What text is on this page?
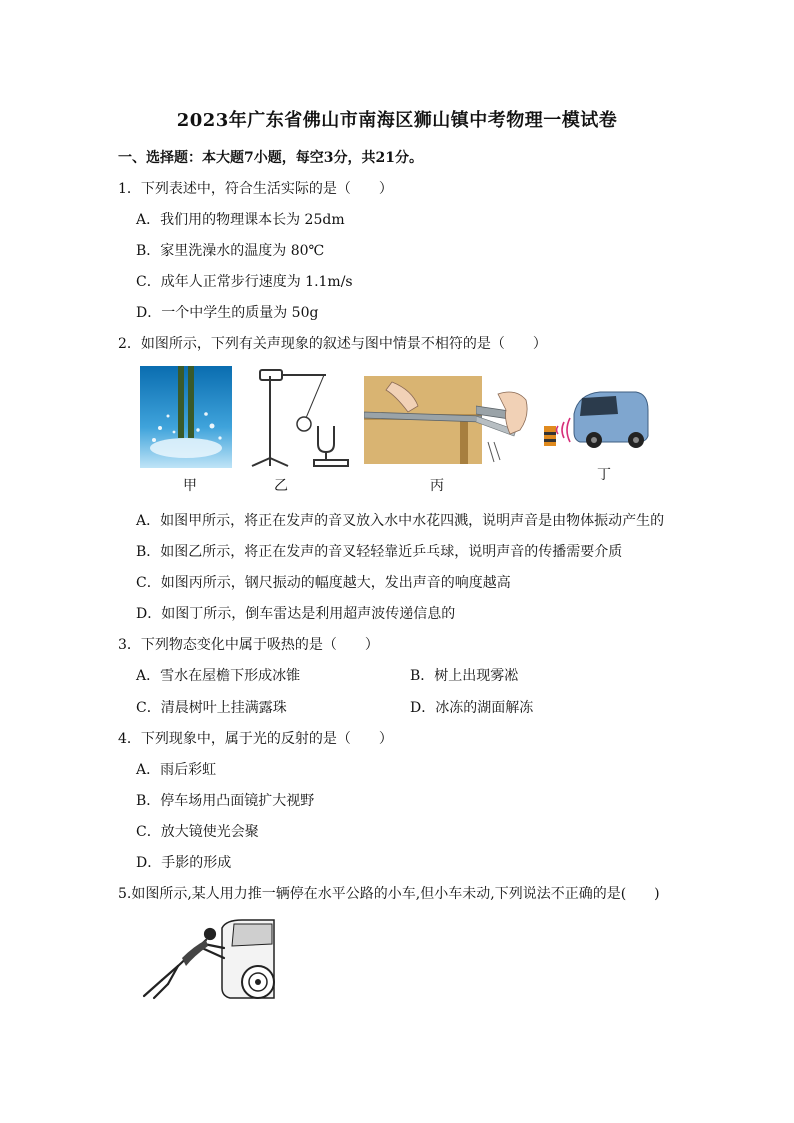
2023年广东省佛山市南海区狮山镇中考物理一模试卷
一、选择题：本大题7小题，每空3分，共21分。
1．下列表述中，符合生活实际的是（　　）
A．我们用的物理课本长为 25dm
B．家里洗澡水的温度为 80℃
C．成年人正常步行速度为 1.1m/s
D．一个中学生的质量为 50g
2．如图所示，下列有关声现象的叙述与图中情景不相符的是（　　）
甲	乙	丙
丁
A．如图甲所示，将正在发声的音叉放入水中水花四溅，说明声音是由物体振动产生的
B．如图乙所示，将正在发声的音叉轻轻靠近乒乓球，说明声音的传播需要介质
C．如图丙所示，钢尺振动的幅度越大，发出声音的响度越高
D．如图丁所示，倒车雷达是利用超声波传递信息的
3．下列物态变化中属于吸热的是（　　）
A．雪水在屋檐下形成冰锥	B．树上出现雾凇
C．清晨树叶上挂满露珠	D．冰冻的湖面解冻
4．下列现象中，属于光的反射的是（　　）
A．雨后彩虹
B．停车场用凸面镜扩大视野
C．放大镜使光会聚
D．手影的形成
5.如图所示,某人用力推一辆停在水平公路的小车,但小车未动,下列说法不正确的是(　　)
